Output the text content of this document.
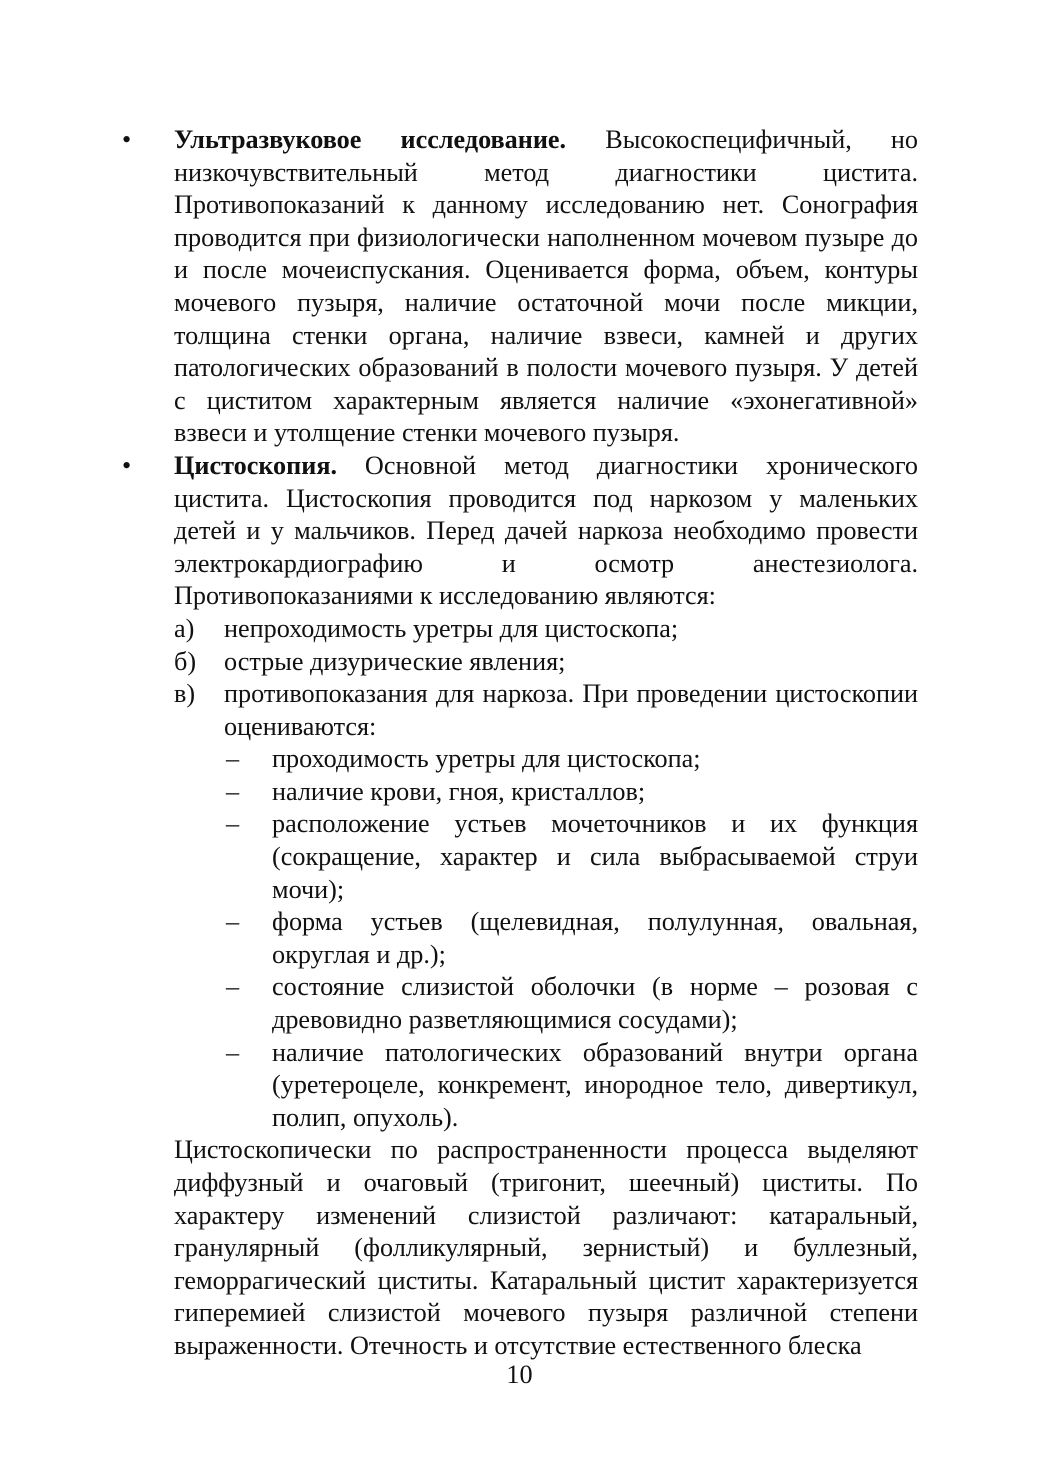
• Ультразвуковое исследование. Высокоспецифичный, но низкочувствительный метод диагностики цистита. Противопоказаний к данному исследованию нет. Сонография проводится при физиологически наполненном мочевом пузыре до и после мочеиспускания. Оценивается форма, объем, контуры мочевого пузыря, наличие остаточной мочи после микции, толщина стенки органа, наличие взвеси, камней и других патологических образований в полости мочевого пузыря. У детей с циститом характерным является наличие «эхонегативной» взвеси и утолщение стенки мочевого пузыря.
• Цистоскопия. Основной метод диагностики хронического цистита. Цистоскопия проводится под наркозом у маленьких детей и у мальчиков. Перед дачей наркоза необходимо провести электрокардиографию и осмотр анестезиолога. Противопоказаниями к исследованию являются:
а) непроходимость уретры для цистоскопа;
б) острые дизурические явления;
в) противопоказания для наркоза. При проведении цистоскопии оцениваются:
– проходимость уретры для цистоскопа;
– наличие крови, гноя, кристаллов;
– расположение устьев мочеточников и их функция (сокращение, характер и сила выбрасываемой струи мочи);
– форма устьев (щелевидная, полулунная, овальная, округлая и др.);
– состояние слизистой оболочки (в норме – розовая с древовидно разветляющимися сосудами);
– наличие патологических образований внутри органа (уретероцеле, конкремент, инородное тело, дивертикул, полип, опухоль).
Цистоскопически по распространенности процесса выделяют диффузный и очаговый (тригонит, шеечный) циститы. По характеру изменений слизистой различают: катаральный, гранулярный (фолликулярный, зернистый) и буллезный, геморрагический циститы. Катаральный цистит характеризуется гиперемией слизистой мочевого пузыря различной степени выраженности. Отечность и отсутствие естественного блеска
10
